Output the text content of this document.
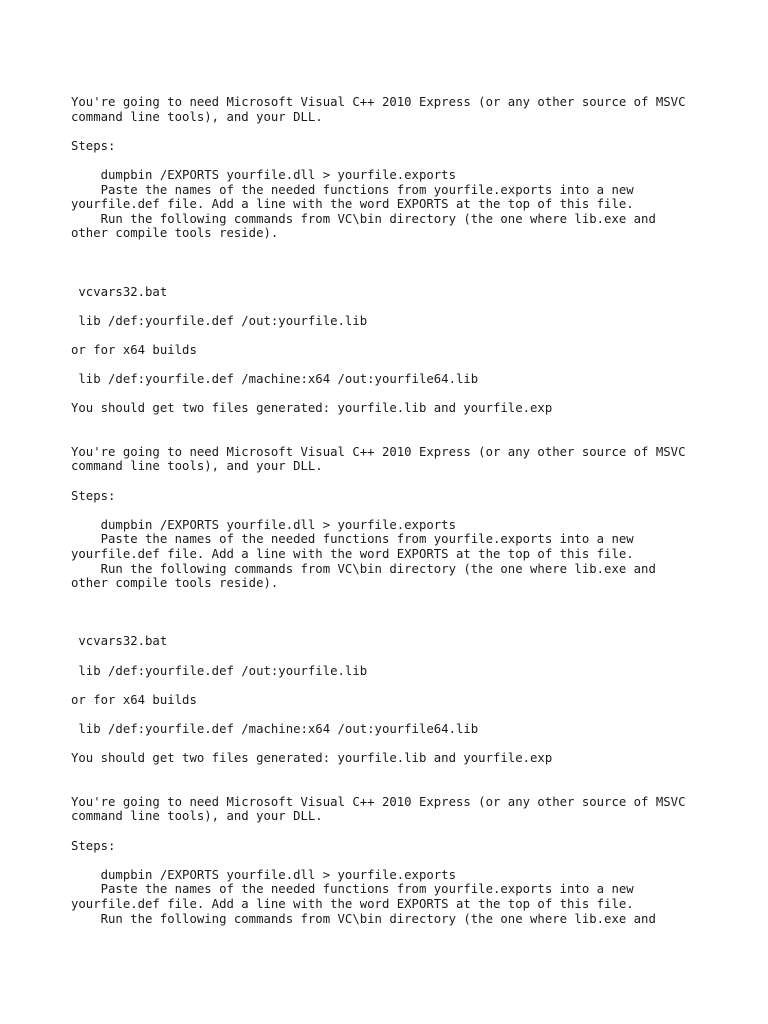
You're going to need Microsoft Visual C++ 2010 Express (or any other source of MSVC
command line tools), and your DLL.
Steps:
dumpbin /EXPORTS yourfile.dll > yourfile.exports
Paste the names of the needed functions from yourfile.exports into a new
yourfile.def file. Add a line with the word EXPORTS at the top of this file.
Run the following commands from VC\bin directory (the one where lib.exe and
other compile tools reside).
vcvars32.bat
lib /def:yourfile.def /out:yourfile.lib
or for x64 builds
lib /def:yourfile.def /machine:x64 /out:yourfile64.lib
You should get two files generated: yourfile.lib and yourfile.exp
You're going to need Microsoft Visual C++ 2010 Express (or any other source of MSVC
command line tools), and your DLL.
Steps:
dumpbin /EXPORTS yourfile.dll > yourfile.exports
Paste the names of the needed functions from yourfile.exports into a new
yourfile.def file. Add a line with the word EXPORTS at the top of this file.
Run the following commands from VC\bin directory (the one where lib.exe and
other compile tools reside).
vcvars32.bat
lib /def:yourfile.def /out:yourfile.lib
or for x64 builds
lib /def:yourfile.def /machine:x64 /out:yourfile64.lib
You should get two files generated: yourfile.lib and yourfile.exp
You're going to need Microsoft Visual C++ 2010 Express (or any other source of MSVC
command line tools), and your DLL.
Steps:
dumpbin /EXPORTS yourfile.dll > yourfile.exports
Paste the names of the needed functions from yourfile.exports into a new
yourfile.def file. Add a line with the word EXPORTS at the top of this file.
Run the following commands from VC\bin directory (the one where lib.exe and
